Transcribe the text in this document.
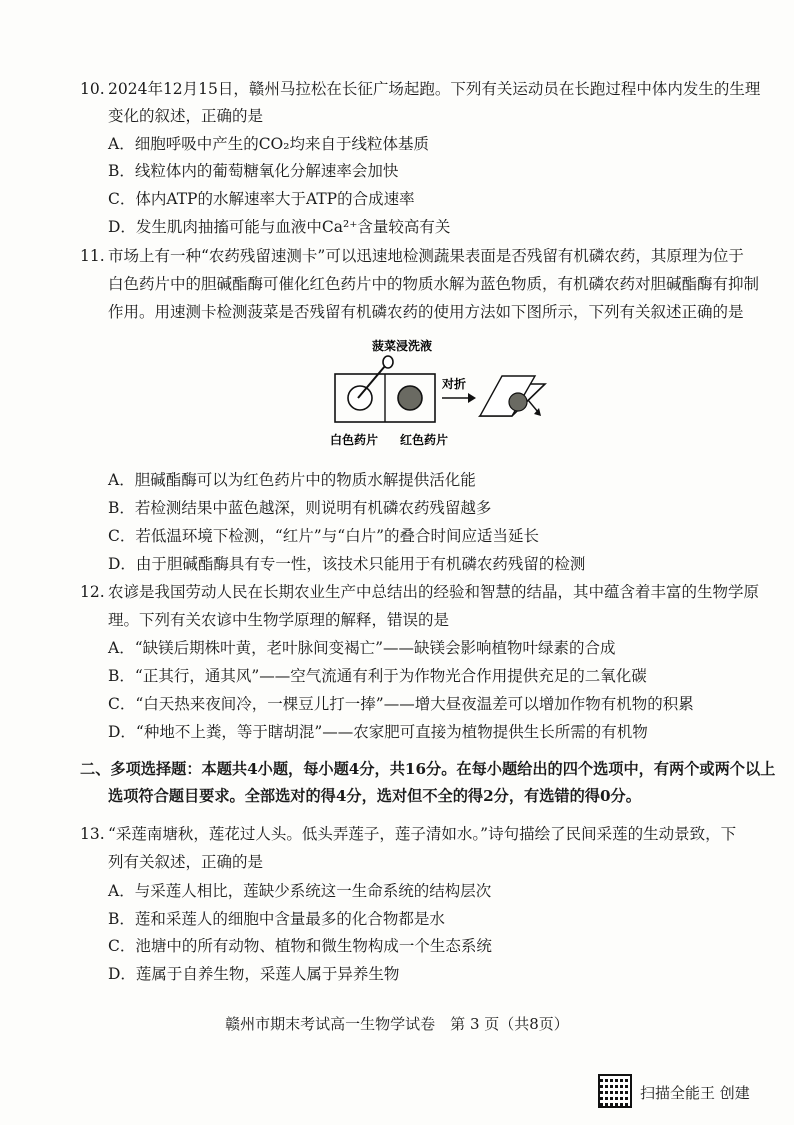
10. 2024年12月15日，赣州马拉松在长征广场起跑。下列有关运动员在长跑过程中体内发生的生理
变化的叙述，正确的是
A．细胞呼吸中产生的CO₂均来自于线粒体基质
B．线粒体内的葡萄糖氧化分解速率会加快
C．体内ATP的水解速率大于ATP的合成速率
D．发生肌肉抽搐可能与血液中Ca²⁺含量较高有关
11. 市场上有一种“农药残留速测卡”可以迅速地检测蔬果表面是否残留有机磷农药，其原理为位于
白色药片中的胆碱酯酶可催化红色药片中的物质水解为蓝色物质，有机磷农药对胆碱酯酶有抑制
作用。用速测卡检测菠菜是否残留有机磷农药的使用方法如下图所示，下列有关叙述正确的是
菠菜浸洗液
对折
白色药片 红色药片
A．胆碱酯酶可以为红色药片中的物质水解提供活化能
B．若检测结果中蓝色越深，则说明有机磷农药残留越多
C．若低温环境下检测，“红片”与“白片”的叠合时间应适当延长
D．由于胆碱酯酶具有专一性，该技术只能用于有机磷农药残留的检测
12. 农谚是我国劳动人民在长期农业生产中总结出的经验和智慧的结晶，其中蕴含着丰富的生物学原
理。下列有关农谚中生物学原理的解释，错误的是
A．“缺镁后期株叶黄，老叶脉间变褐亡”——缺镁会影响植物叶绿素的合成
B．“正其行，通其风”——空气流通有利于为作物光合作用提供充足的二氧化碳
C．“白天热来夜间冷，一棵豆儿打一捧”——增大昼夜温差可以增加作物有机物的积累
D．“种地不上粪，等于瞎胡混”——农家肥可直接为植物提供生长所需的有机物
二、多项选择题：本题共4小题，每小题4分，共16分。在每小题给出的四个选项中，有两个或两个以上
选项符合题目要求。全部选对的得4分，选对但不全的得2分，有选错的得0分。
13. “采莲南塘秋，莲花过人头。低头弄莲子，莲子清如水。”诗句描绘了民间采莲的生动景致，下
列有关叙述，正确的是
A．与采莲人相比，莲缺少系统这一生命系统的结构层次
B．莲和采莲人的细胞中含量最多的化合物都是水
C．池塘中的所有动物、植物和微生物构成一个生态系统
D．莲属于自养生物，采莲人属于异养生物
赣州市期末考试高一生物学试卷　第 3 页（共8页）
扫描全能王 创建
